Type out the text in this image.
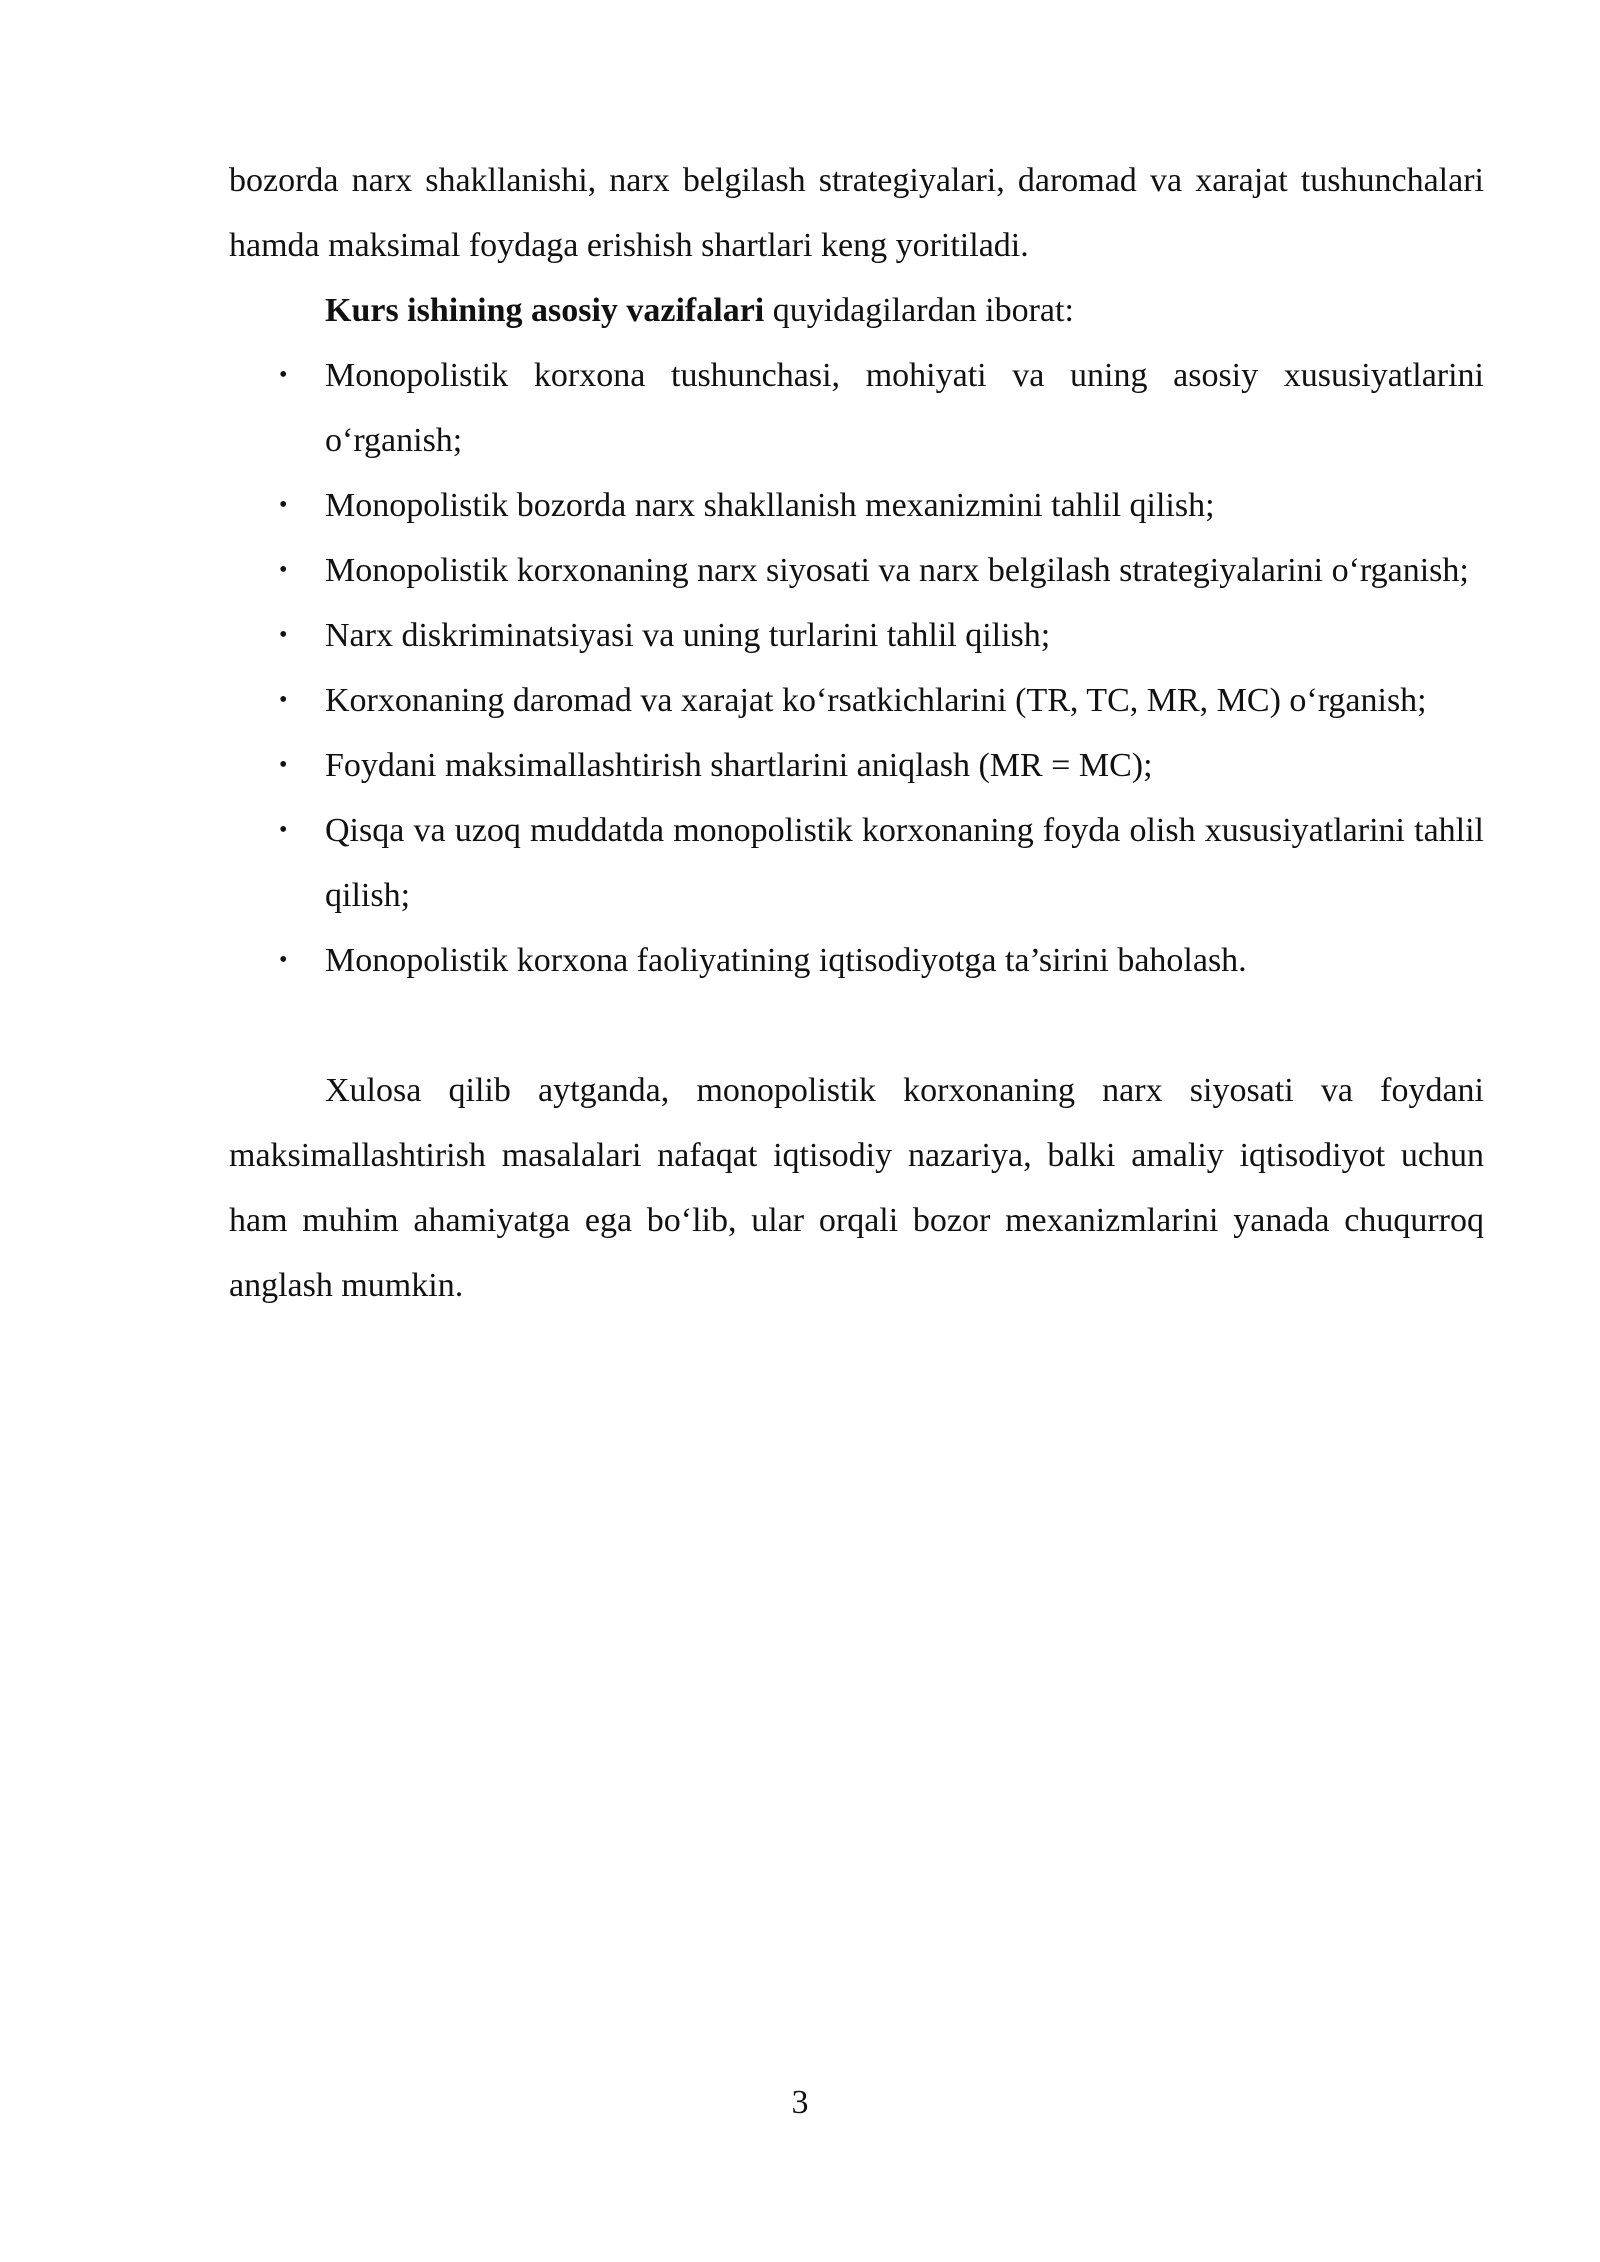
bozorda narx shakllanishi, narx belgilash strategiyalari, daromad va xarajat tushunchalari hamda maksimal foydaga erishish shartlari keng yoritiladi.

Kurs ishining asosiy vazifalari quyidagilardan iborat:

• Monopolistik korxona tushunchasi, mohiyati va uning asosiy xususiyatlarini o‘rganish;
• Monopolistik bozorda narx shakllanish mexanizmini tahlil qilish;
• Monopolistik korxonaning narx siyosati va narx belgilash strategiyalarini o‘rganish;
• Narx diskriminatsiyasi va uning turlarini tahlil qilish;
• Korxonaning daromad va xarajat ko‘rsatkichlarini (TR, TC, MR, MC) o‘rganish;
• Foydani maksimallashtirish shartlarini aniqlash (MR = MC);
• Qisqa va uzoq muddatda monopolistik korxonaning foyda olish xususiyatlarini tahlil qilish;
• Monopolistik korxona faoliyatining iqtisodiyotga ta’sirini baholash.

Xulosa qilib aytganda, monopolistik korxonaning narx siyosati va foydani maksimallashtirish masalalari nafaqat iqtisodiy nazariya, balki amaliy iqtisodiyot uchun ham muhim ahamiyatga ega bo‘lib, ular orqali bozor mexanizmlarini yanada chuqurroq anglash mumkin.

3
